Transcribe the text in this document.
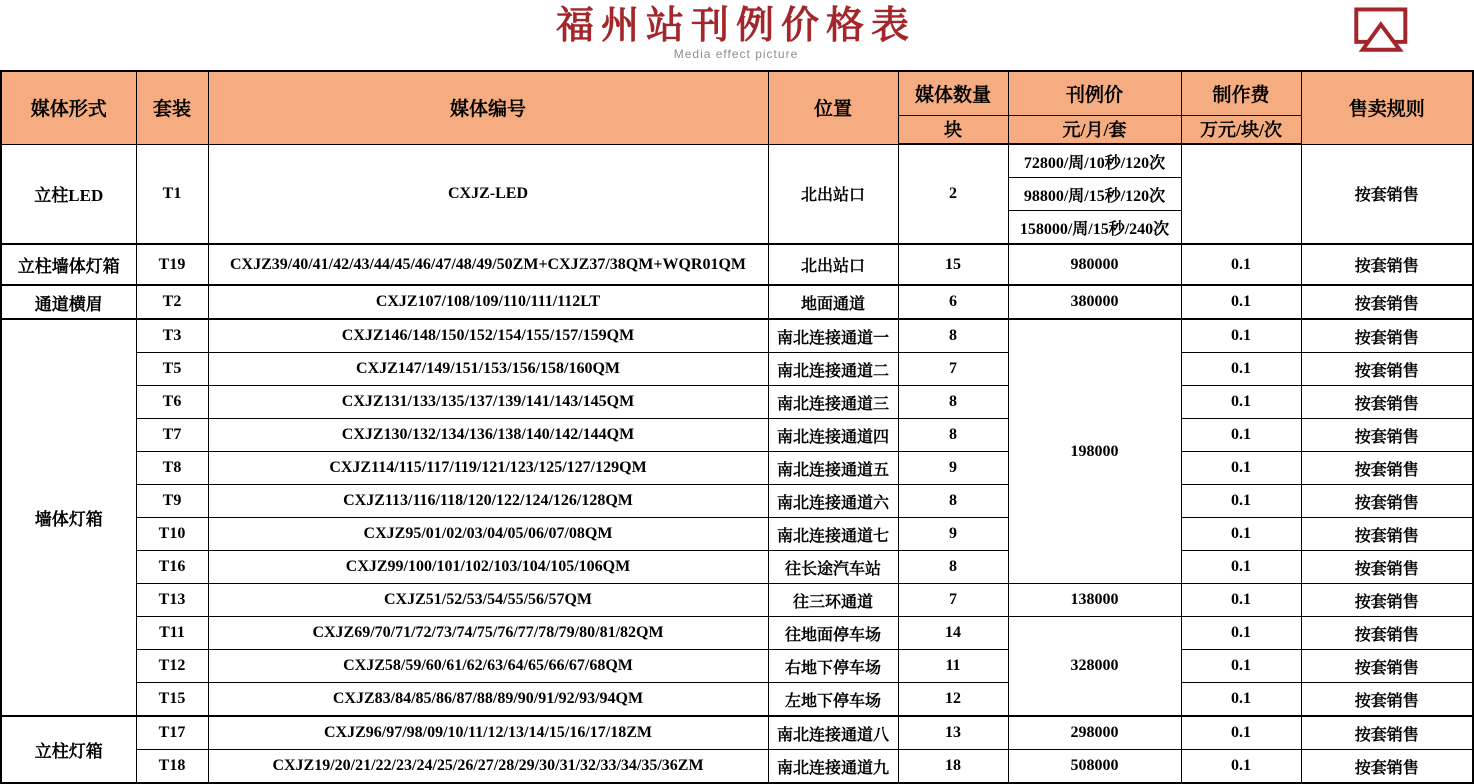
福州站刊例价格表
Media effect picture
媒体形式	套装	媒体编号	位置	媒体数量	刊例价	制作费	售卖规则
				块	元/月/套	万元/块/次	
立柱LED	T1	CXJZ-LED	北出站口	2	72800/周/10秒/120次		按套销售
					98800/周/15秒/120次		
					158000/周/15秒/240次		
立柱墙体灯箱	T19	CXJZ39/40/41/42/43/44/45/46/47/48/49/50ZM+CXJZ37/38QM+WQR01QM	北出站口	15	980000	0.1	按套销售
通道横眉	T2	CXJZ107/108/109/110/111/112LT	地面通道	6	380000	0.1	按套销售
墙体灯箱	T3	CXJZ146/148/150/152/154/155/157/159QM	南北连接通道一	8	198000	0.1	按套销售
	T5	CXJZ147/149/151/153/156/158/160QM	南北连接通道二	7		0.1	按套销售
	T6	CXJZ131/133/135/137/139/141/143/145QM	南北连接通道三	8		0.1	按套销售
	T7	CXJZ130/132/134/136/138/140/142/144QM	南北连接通道四	8		0.1	按套销售
	T8	CXJZ114/115/117/119/121/123/125/127/129QM	南北连接通道五	9		0.1	按套销售
	T9	CXJZ113/116/118/120/122/124/126/128QM	南北连接通道六	8		0.1	按套销售
	T10	CXJZ95/01/02/03/04/05/06/07/08QM	南北连接通道七	9		0.1	按套销售
	T16	CXJZ99/100/101/102/103/104/105/106QM	往长途汽车站	8		0.1	按套销售
	T13	CXJZ51/52/53/54/55/56/57QM	往三环通道	7	138000	0.1	按套销售
	T11	CXJZ69/70/71/72/73/74/75/76/77/78/79/80/81/82QM	往地面停车场	14	328000	0.1	按套销售
	T12	CXJZ58/59/60/61/62/63/64/65/66/67/68QM	右地下停车场	11		0.1	按套销售
	T15	CXJZ83/84/85/86/87/88/89/90/91/92/93/94QM	左地下停车场	12		0.1	按套销售
立柱灯箱	T17	CXJZ96/97/98/09/10/11/12/13/14/15/16/17/18ZM	南北连接通道八	13	298000	0.1	按套销售
	T18	CXJZ19/20/21/22/23/24/25/26/27/28/29/30/31/32/33/34/35/36ZM	南北连接通道九	18	508000	0.1	按套销售
